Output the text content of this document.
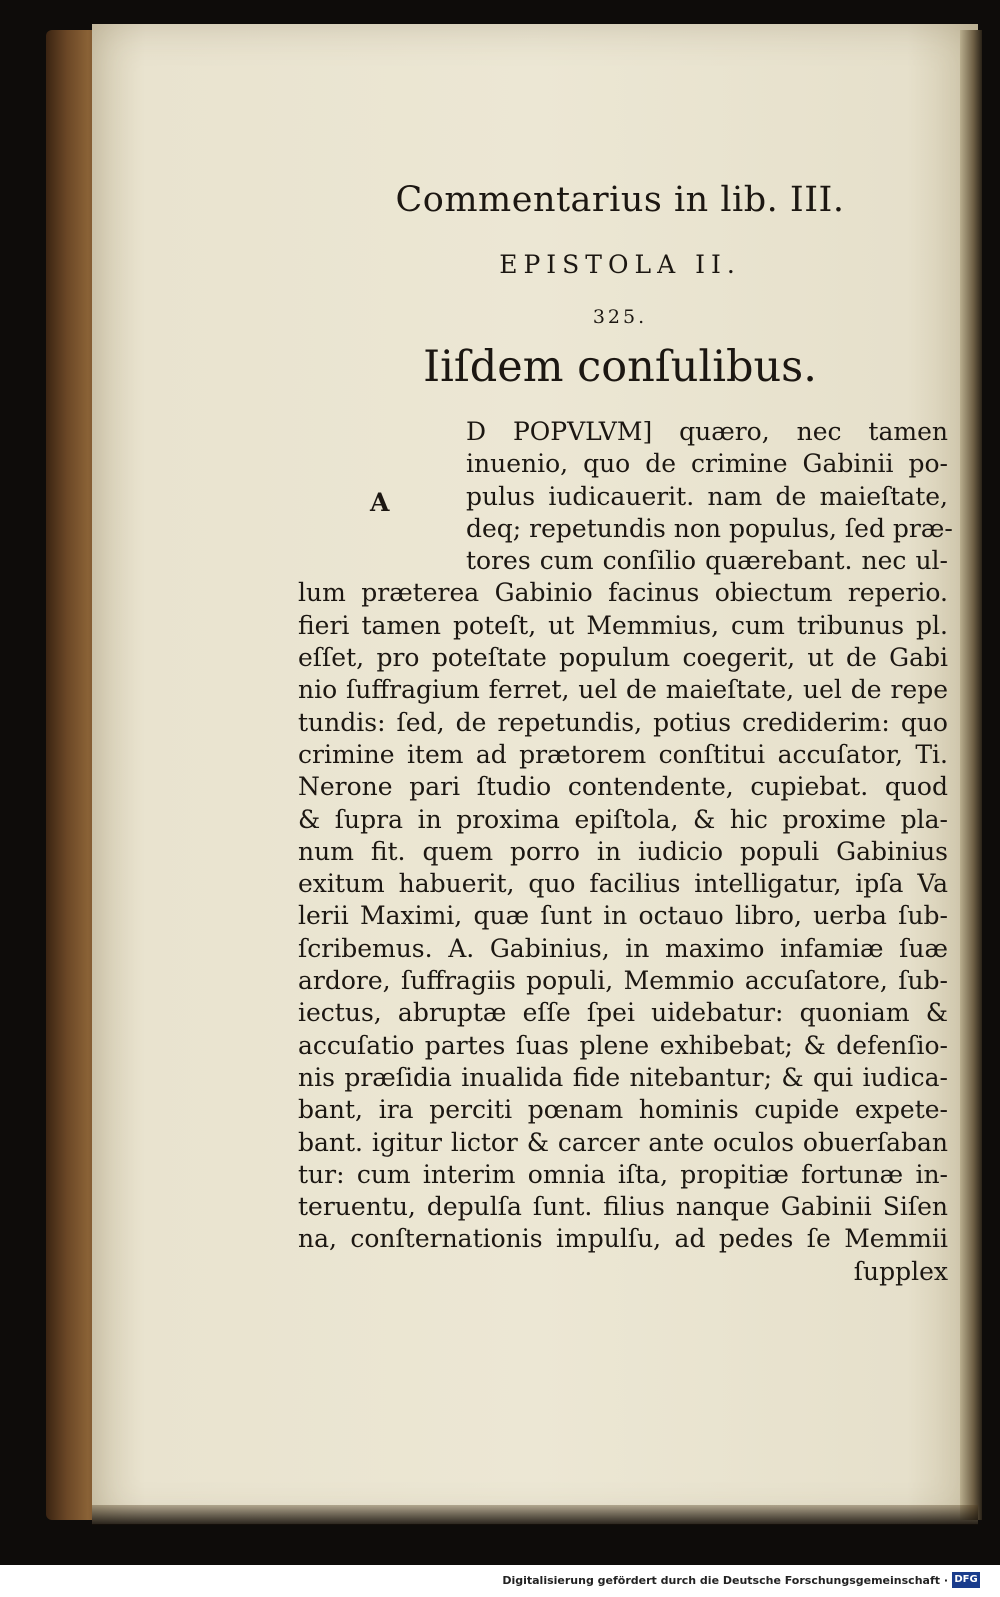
Commentarius in lib. III.
EPISTOLA II.
325.
Iiſdem conſulibus.
A
D POPVLVM] quæro, nec tamen
inuenio, quo de crimine Gabinii po-
pulus iudicauerit. nam de maieſtate,
deq; repetundis non populus, ſed præ-
tores cum conſilio quærebant. nec ul-
lum præterea Gabinio facinus obiectum reperio.
fieri tamen poteſt, ut Memmius, cum tribunus pl.
eſſet, pro poteſtate populum coegerit, ut de Gabi
nio ſuffragium ferret, uel de maieſtate, uel de repe
tundis: ſed, de repetundis, potius crediderim: quo
crimine item ad prætorem conſtitui accuſator, Ti.
Nerone pari ſtudio contendente, cupiebat. quod
& ſupra in proxima epiſtola, & hic proxime pla-
num fit. quem porro in iudicio populi Gabinius
exitum habuerit, quo facilius intelligatur, ipſa Va
lerii Maximi, quæ ſunt in octauo libro, uerba ſub-
ſcribemus. A. Gabinius, in maximo infamiæ ſuæ
ardore, ſuffragiis populi, Memmio accuſatore, ſub-
iectus, abruptæ eſſe ſpei uidebatur: quoniam &
accuſatio partes ſuas plene exhibebat; & defenſio-
nis præſidia inualida fide nitebantur; & qui iudica-
bant, ira perciti pœnam hominis cupide expete-
bant. igitur lictor & carcer ante oculos obuerſaban
tur: cum interim omnia iſta, propitiæ fortunæ in-
teruentu, depulſa ſunt. filius nanque Gabinii Siſen
na, conſternationis impulſu, ad pedes ſe Memmii
ſupplex
Digitalisierung gefördert durch die Deutsche Forschungsgemeinschaft · DFG
